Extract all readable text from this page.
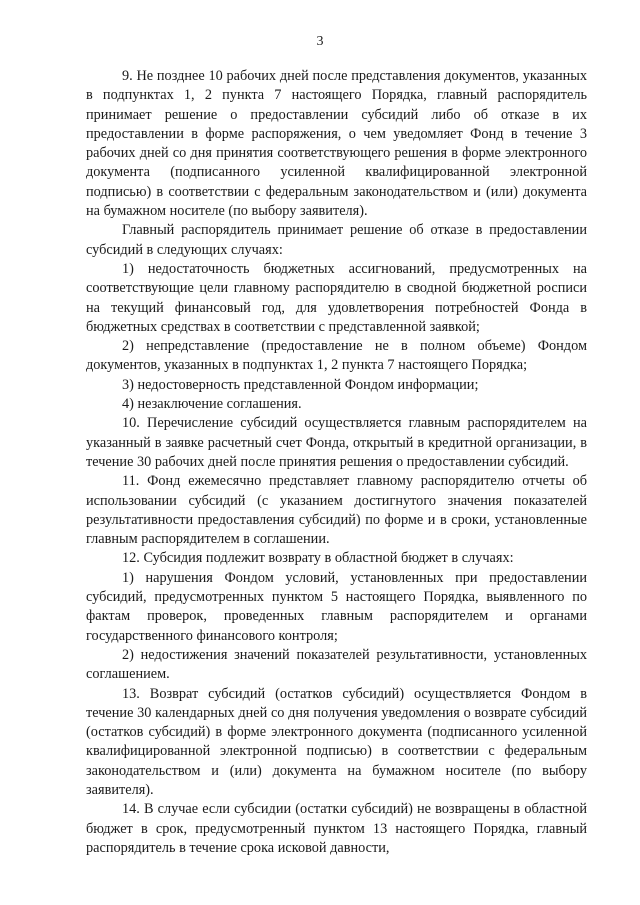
3

9. Не позднее 10 рабочих дней после представления документов, указанных в подпунктах 1, 2 пункта 7 настоящего Порядка, главный распорядитель принимает решение о предоставлении субсидий либо об отказе в их предоставлении в форме распоряжения, о чем уведомляет Фонд в течение 3 рабочих дней со дня принятия соответствующего решения в форме электронного документа (подписанного усиленной квалифицированной электронной подписью) в соответствии с федеральным законодательством и (или) документа на бумажном носителе (по выбору заявителя).

Главный распорядитель принимает решение об отказе в предоставлении субсидий в следующих случаях:

1) недостаточность бюджетных ассигнований, предусмотренных на соответствующие цели главному распорядителю в сводной бюджетной росписи на текущий финансовый год, для удовлетворения потребностей Фонда в бюджетных средствах в соответствии с представленной заявкой;

2) непредставление (предоставление не в полном объеме) Фондом документов, указанных в подпунктах 1, 2 пункта 7 настоящего Порядка;

3) недостоверность представленной Фондом информации;

4) незаключение соглашения.

10. Перечисление субсидий осуществляется главным распорядителем на указанный в заявке расчетный счет Фонда, открытый в кредитной организации, в течение 30 рабочих дней после принятия решения о предоставлении субсидий.

11. Фонд ежемесячно представляет главному распорядителю отчеты об использовании субсидий (с указанием достигнутого значения показателей результативности предоставления субсидий) по форме и в сроки, установленные главным распорядителем в соглашении.

12. Субсидия подлежит возврату в областной бюджет в случаях:

1) нарушения Фондом условий, установленных при предоставлении субсидий, предусмотренных пунктом 5 настоящего Порядка, выявленного по фактам проверок, проведенных главным распорядителем и органами государственного финансового контроля;

2) недостижения значений показателей результативности, установленных соглашением.

13. Возврат субсидий (остатков субсидий) осуществляется Фондом в течение 30 календарных дней со дня получения уведомления о возврате субсидий (остатков субсидий) в форме электронного документа (подписанного усиленной квалифицированной электронной подписью) в соответствии с федеральным законодательством и (или) документа на бумажном носителе (по выбору заявителя).

14. В случае если субсидии (остатки субсидий) не возвращены в областной бюджет в срок, предусмотренный пунктом 13 настоящего Порядка, главный распорядитель в течение срока исковой давности,
